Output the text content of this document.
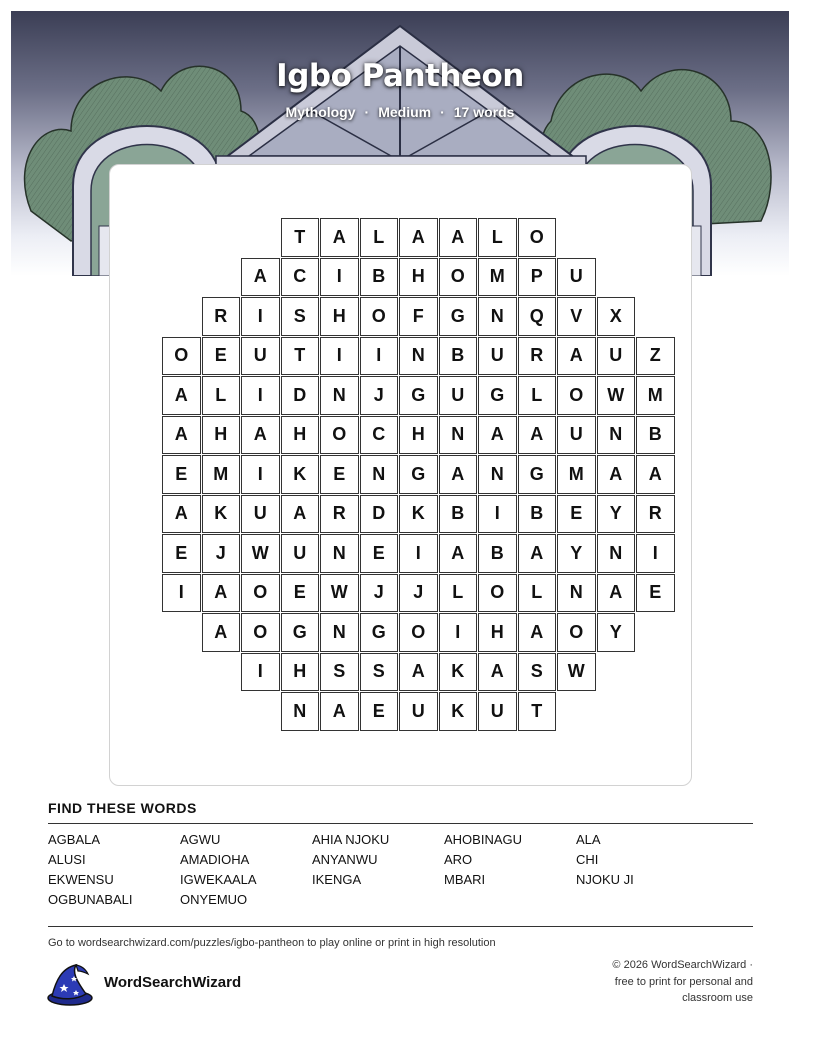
Igbo Pantheon
Mythology · Medium · 17 words
T	A	L	A	A	L	O
A	C	I	B	H	O	M	P	U
R	I	S	H	O	F	G	N	Q	V	X
O	E	U	T	I	I	N	B	U	R	A	U	Z
A	L	I	D	N	J	G	U	G	L	O	W	M
A	H	A	H	O	C	H	N	A	A	U	N	B
E	M	I	K	E	N	G	A	N	G	M	A	A
A	K	U	A	R	D	K	B	I	B	E	Y	R
E	J	W	U	N	E	I	A	B	A	Y	N	I
I	A	O	E	W	J	J	L	O	L	N	A	E
A	O	G	N	G	O	I	H	A	O	Y
I	H	S	S	A	K	A	S	W
N	A	E	U	K	U	T
FIND THESE WORDS
AGBALA	AGWU	AHIA NJOKU	AHOBINAGU	ALA
ALUSI	AMADIOHA	ANYANWU	ARO	CHI
EKWENSU	IGWEKAALA	IKENGA	MBARI	NJOKU JI
OGBUNABALI	ONYEMUO
Go to wordsearchwizard.com/puzzles/igbo-pantheon to play online or print in high resolution
WordSearchWizard
© 2026 WordSearchWizard ·
free to print for personal and
classroom use
